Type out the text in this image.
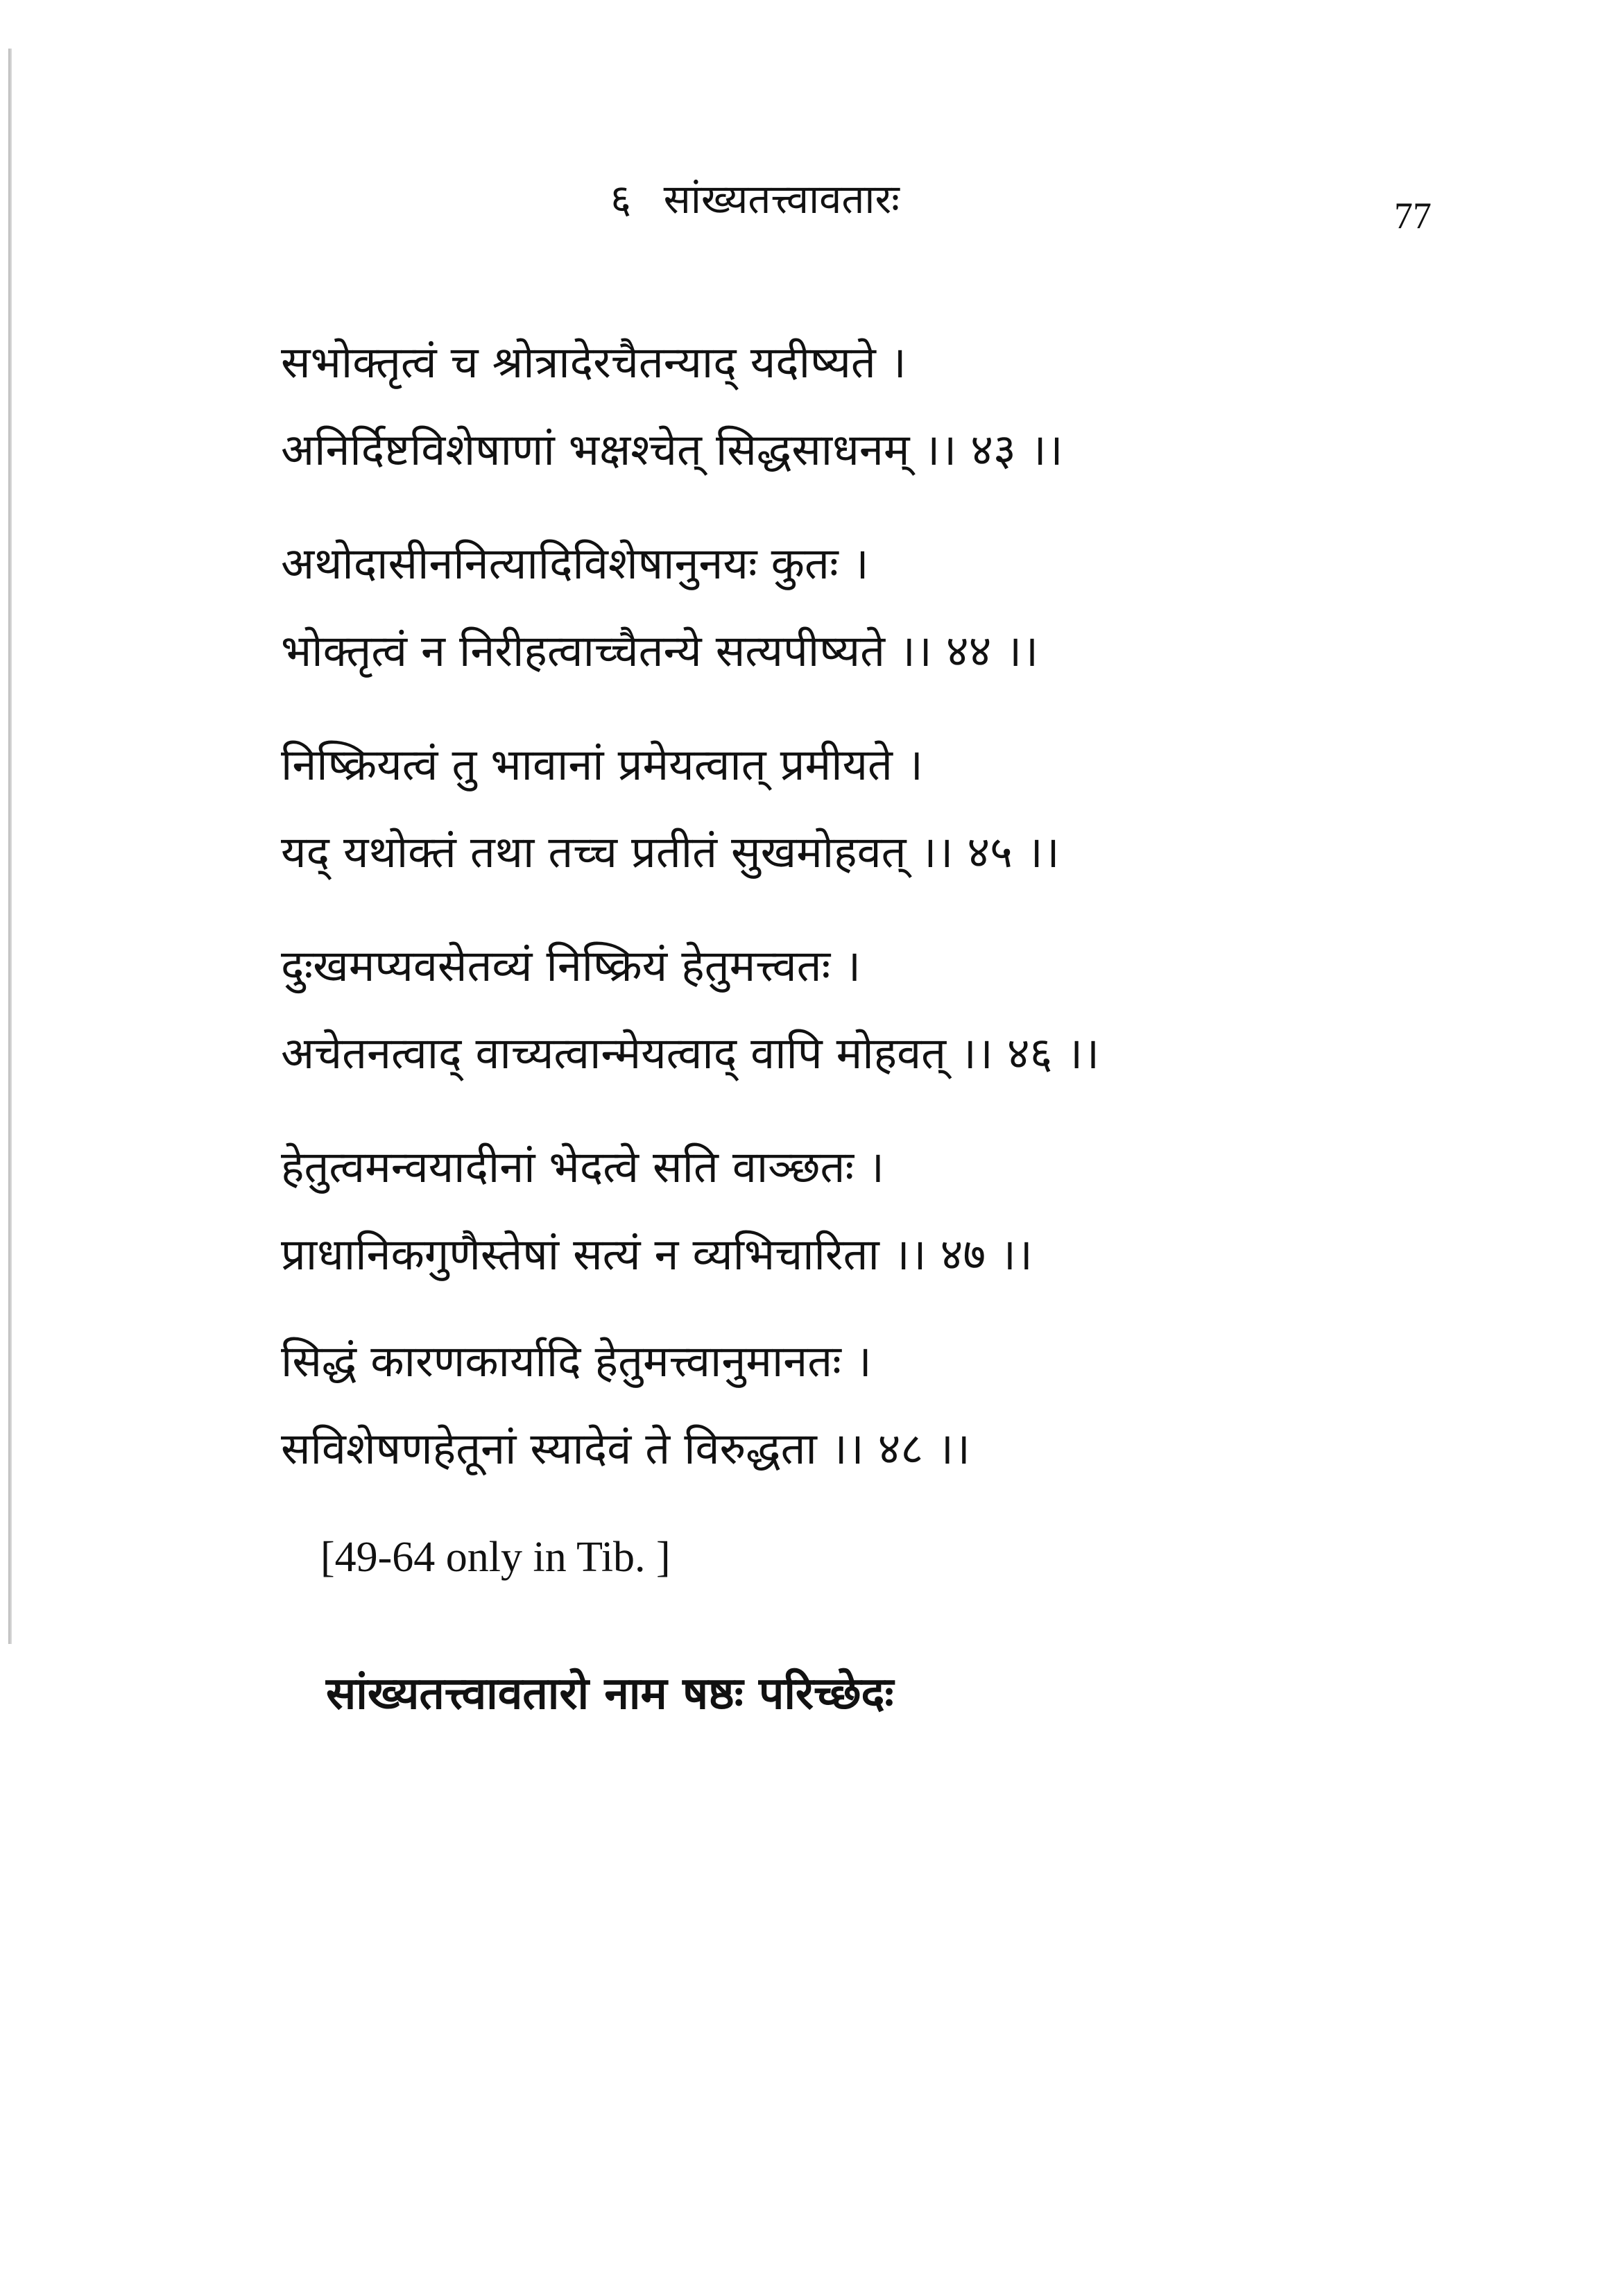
६ सांख्यतत्त्वावतारः	77
सभोक्तृत्वं च श्रोत्रादेरचैतन्याद् यदीष्यते ।
अनिर्दिष्टविशेषाणां भक्षश्चेत् सिद्धसाधनम् ।। ४३ ।।
अथोदासीननित्यादिविशेषानुनयः कुतः ।
भोक्तृत्वं न निरीहत्वाच्चैतन्ये सत्यपीष्यते ।। ४४ ।।
निष्क्रियत्वं तु भावानां प्रमेयत्वात् प्रमीयते ।
यद् यथोक्तं तथा तच्च प्रतीतं सुखमोहवत् ।। ४५ ।।
दुःखमप्यवसेतव्यं निष्क्रियं हेतुमत्त्वतः ।
अचेतनत्वाद् वाच्यत्वान्मेयत्वाद् वापि मोहवत् ।। ४६ ।।
हेतुत्वमन्वयादीनां भेदत्वे सति वाञ्छतः ।
प्राधानिकगुणैस्तेषां सत्यं न व्यभिचारिता ।। ४७ ।।
सिद्धं कारणकार्यादि हेतुमत्त्वानुमानतः ।
सविशेषणहेतूनां स्यादेवं ते विरुद्धता ।। ४८ ।।
[49-64 only in Tib. ]
सांख्यतत्त्वावतारो नाम षष्ठः परिच्छेदः
